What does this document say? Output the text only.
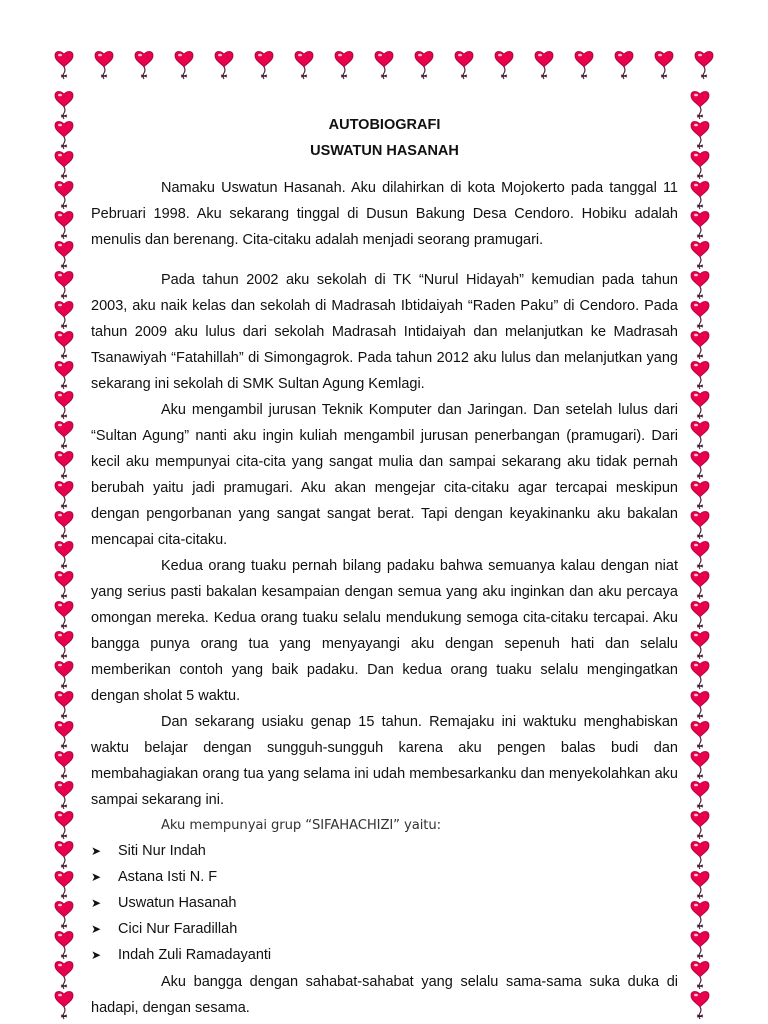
AUTOBIOGRAFI
USWATUN HASANAH

Namaku Uswatun Hasanah. Aku dilahirkan di kota Mojokerto pada tanggal 11 Pebruari 1998. Aku sekarang tinggal di Dusun Bakung Desa Cendoro. Hobiku adalah menulis dan berenang. Cita-citaku adalah menjadi seorang pramugari.

Pada tahun 2002 aku sekolah di TK “Nurul Hidayah” kemudian pada tahun 2003, aku naik kelas dan sekolah di Madrasah Ibtidaiyah “Raden Paku” di Cendoro. Pada tahun 2009 aku lulus dari sekolah Madrasah Intidaiyah dan melanjutkan ke Madrasah Tsanawiyah “Fatahillah” di Simongagrok. Pada tahun 2012 aku lulus dan melanjutkan yang sekarang ini sekolah di SMK Sultan Agung Kemlagi.

Aku mengambil jurusan Teknik Komputer dan Jaringan. Dan setelah lulus dari “Sultan Agung” nanti aku ingin kuliah mengambil jurusan penerbangan (pramugari). Dari kecil aku mempunyai cita-cita yang sangat mulia dan sampai sekarang aku tidak pernah berubah yaitu jadi pramugari. Aku akan mengejar cita-citaku agar tercapai meskipun dengan pengorbanan yang sangat sangat berat. Tapi dengan keyakinanku aku bakalan mencapai cita-citaku.

Kedua orang tuaku pernah bilang padaku bahwa semuanya kalau dengan niat yang serius pasti bakalan kesampaian dengan semua yang aku inginkan dan aku percaya omongan mereka. Kedua orang tuaku selalu mendukung semoga cita-citaku tercapai. Aku bangga punya orang tua yang menyayangi aku dengan sepenuh hati dan selalu memberikan contoh yang baik padaku. Dan kedua orang tuaku selalu mengingatkan dengan sholat 5 waktu.

Dan sekarang usiaku genap 15 tahun. Remajaku ini waktuku menghabiskan waktu belajar dengan sungguh-sungguh karena aku pengen balas budi dan membahagiakan orang tua yang selama ini udah membesarkanku dan menyekolahkan aku sampai sekarang ini.

Aku mempunyai grup “SIFAHACHIZI” yaitu:

➤ Siti Nur Indah
➤ Astana Isti N. F
➤ Uswatun Hasanah
➤ Cici Nur Faradillah
➤ Indah Zuli Ramadayanti

Aku bangga dengan sahabat-sahabat yang selalu sama-sama suka duka di hadapi, dengan sesama.
